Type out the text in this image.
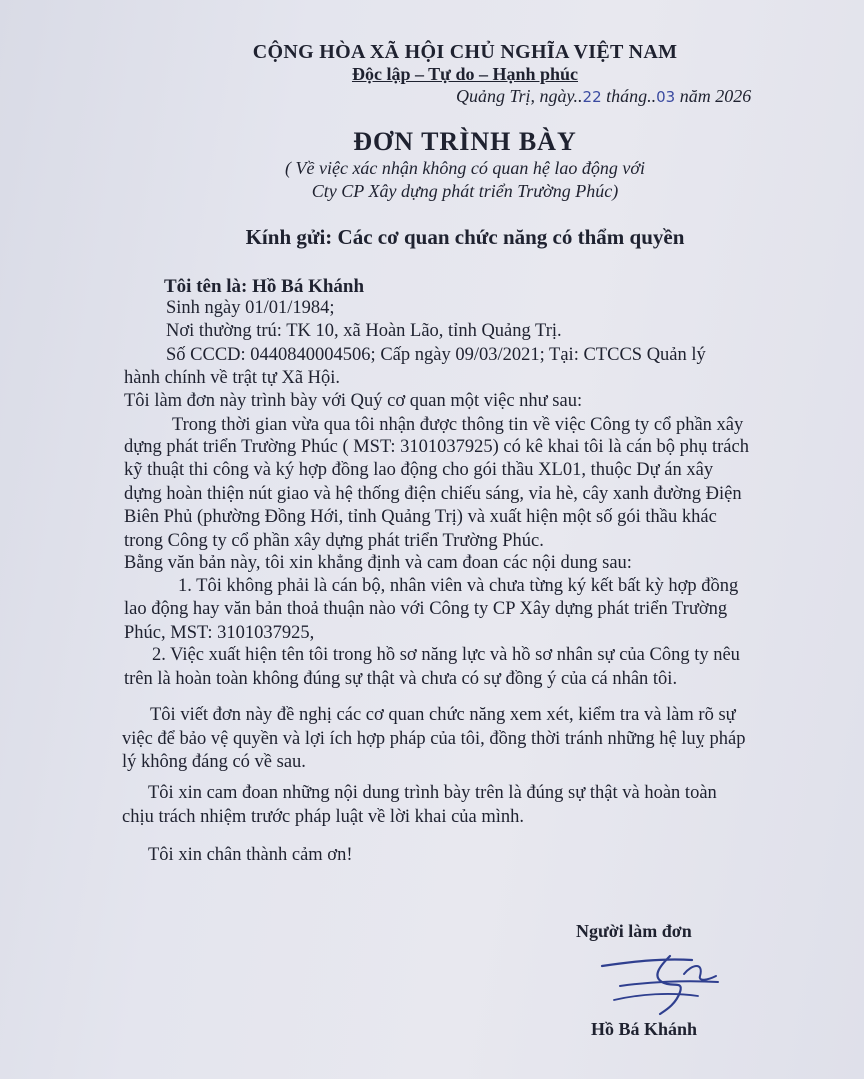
CỘNG HÒA XÃ HỘI CHỦ NGHĨA VIỆT NAM
Độc lập – Tự do – Hạnh phúc
Quảng Trị, ngày..22 tháng..03 năm 2026
ĐƠN TRÌNH BÀY
( Về việc xác nhận không có quan hệ lao động với
Cty CP Xây dựng phát triển Trường Phúc)
Kính gửi: Các cơ quan chức năng có thẩm quyền
Tôi tên là: Hồ Bá Khánh
Sinh ngày 01/01/1984;
Nơi thường trú: TK 10, xã Hoàn Lão, tỉnh Quảng Trị.
Số CCCD: 0440840004506; Cấp ngày 09/03/2021; Tại: CTCCS Quản lý
hành chính về trật tự Xã Hội.
Tôi làm đơn này trình bày với Quý cơ quan một việc như sau:
Trong thời gian vừa qua tôi nhận được thông tin về việc Công ty cổ phần xây
dựng phát triển Trường Phúc ( MST: 3101037925) có kê khai tôi là cán bộ phụ trách
kỹ thuật thi công và ký hợp đồng lao động cho gói thầu XL01, thuộc Dự án xây
dựng hoàn thiện nút giao và hệ thống điện chiếu sáng, vỉa hè, cây xanh đường Điện
Biên Phủ (phường Đồng Hới, tỉnh Quảng Trị) và xuất hiện một số gói thầu khác
trong Công ty cổ phần xây dựng phát triển Trường Phúc.
Bằng văn bản này, tôi xin khẳng định và cam đoan các nội dung sau:
1. Tôi không phải là cán bộ, nhân viên và chưa từng ký kết bất kỳ hợp đồng
lao động hay văn bản thoả thuận nào với Công ty CP Xây dựng phát triển Trường
Phúc, MST: 3101037925,
2. Việc xuất hiện tên tôi trong hồ sơ năng lực và hồ sơ nhân sự của Công ty nêu
trên là hoàn toàn không đúng sự thật và chưa có sự đồng ý của cá nhân tôi.
Tôi viết đơn này đề nghị các cơ quan chức năng xem xét, kiểm tra và làm rõ sự
việc để bảo vệ quyền và lợi ích hợp pháp của tôi, đồng thời tránh những hệ luỵ pháp
lý không đáng có về sau.
Tôi xin cam đoan những nội dung trình bày trên là đúng sự thật và hoàn toàn
chịu trách nhiệm trước pháp luật về lời khai của mình.
Tôi xin chân thành cảm ơn!
Người làm đơn
Hồ Bá Khánh
